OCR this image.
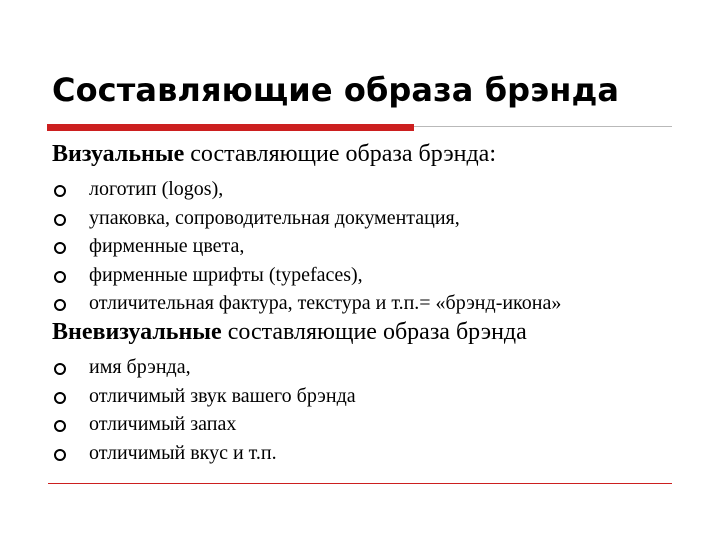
Составляющие образа брэнда
Визуальные составляющие образа брэнда:
логотип (logos),
упаковка, сопроводительная документация,
фирменные цвета,
фирменные шрифты (typefaces),
отличительная фактура, текстура и т.п.= «брэнд-икона»
Вневизуальные составляющие образа брэнда
имя брэнда,
отличимый звук вашего брэнда
отличимый запах
отличимый вкус и т.п.
